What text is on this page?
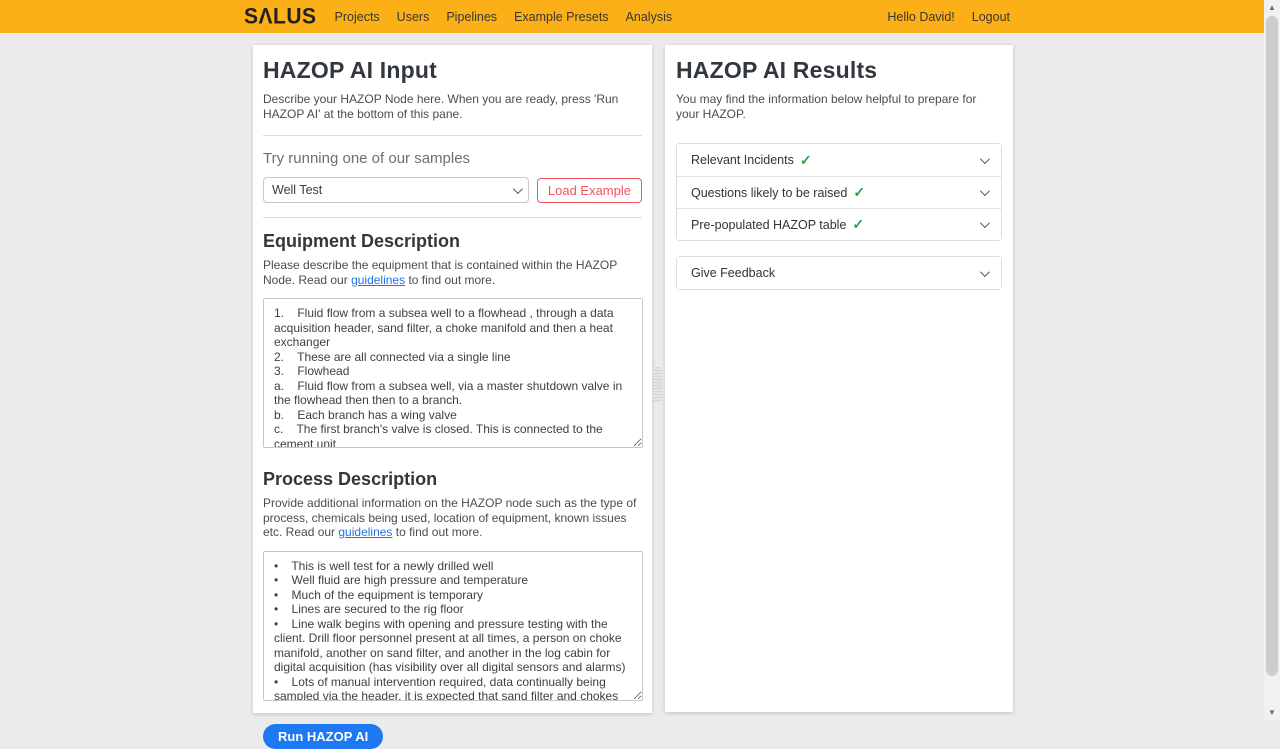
SΛLUS Projects Users Pipelines Example Presets Analysis	Hello David! Logout
HAZOP AI Input

Describe your HAZOP Node here. When you are ready, press 'Run HAZOP AI' at the bottom of this pane.

Try running one of our samples
Well Test	Load Example
Equipment Description

Please describe the equipment that is contained within the HAZOP Node. Read our guidelines to find out more.

1. Fluid flow from a subsea well to a flowhead , through a data acquisition header, sand filter, a choke manifold and then a heat exchanger 2. These are all connected via a single line 3. Flowhead a. Fluid flow from a subsea well, via a master shutdown valve in the flowhead then then to a branch. b. Each branch has a wing valve c. The first branch's valve is closed. This is connected to the cement unit d. The second branch's valve is open, flow from the well is flown via this branch e. Immediately downstream of the flowhead is a flexible hose
Process Description

Provide additional information on the HAZOP node such as the type of process, chemicals being used, location of equipment, known issues etc. Read our guidelines to find out more.

• This is well test for a newly drilled well • Well fluid are high pressure and temperature • Much of the equipment is temporary • Lines are secured to the rig floor • Line walk begins with opening and pressure testing with the client. Drill floor personnel present at all times, a person on choke manifold, another on sand filter, and another in the log cabin for digital acquisition (has visibility over all digital sensors and alarms) • Lots of manual intervention required, data continually being sampled via the header, it is expected that sand filter and chokes will require multiple changes Run HAZOP AI
HAZOP AI Results

You may find the information below helpful to prepare for your HAZOP.

Relevant Incidents ✓
Questions likely to be raised ✓
Pre-populated HAZOP table ✓
Give Feedback
▲
▼
